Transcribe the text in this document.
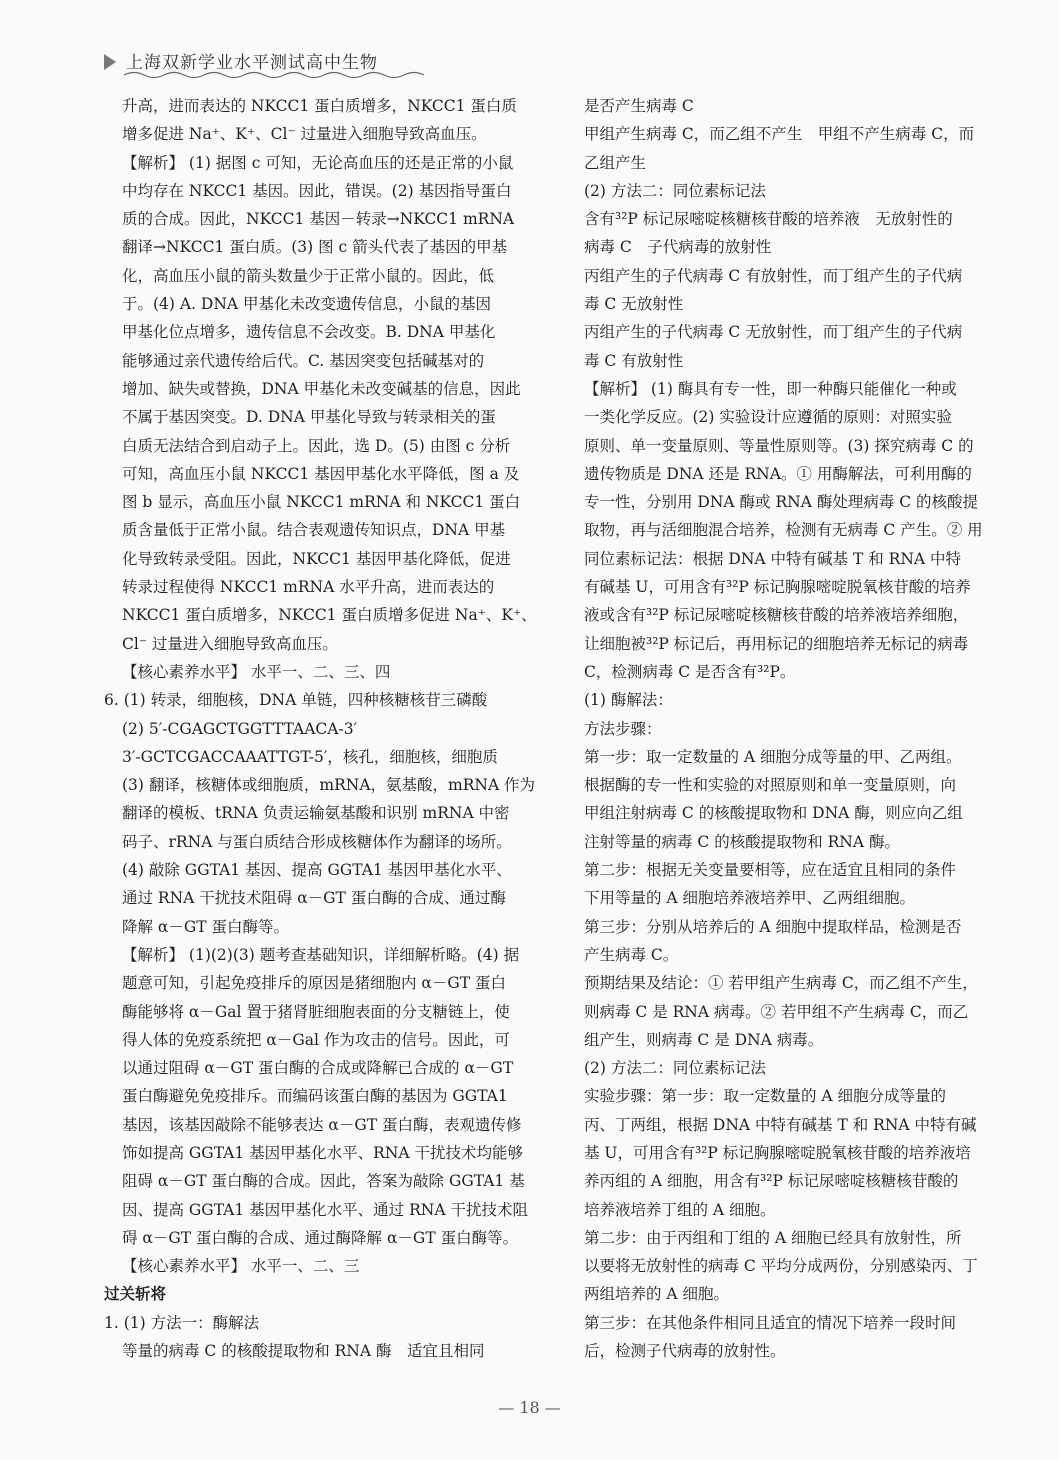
上海双新学业水平测试高中生物
升高，进而表达的 NKCC1 蛋白质增多，NKCC1 蛋白质
增多促进 Na⁺、K⁺、Cl⁻ 过量进入细胞导致高血压。
【解析】 (1) 据图 c 可知，无论高血压的还是正常的小鼠
中均存在 NKCC1 基因。因此，错误。(2) 基因指导蛋白
质的合成。因此，NKCC1 基因－转录→NKCC1 mRNA
翻译→NKCC1 蛋白质。(3) 图 c 箭头代表了基因的甲基
化，高血压小鼠的箭头数量少于正常小鼠的。因此，低
于。(4) A. DNA 甲基化未改变遗传信息，小鼠的基因
甲基化位点增多，遗传信息不会改变。B. DNA 甲基化
能够通过亲代遗传给后代。C. 基因突变包括碱基对的
增加、缺失或替换，DNA 甲基化未改变碱基的信息，因此
不属于基因突变。D. DNA 甲基化导致与转录相关的蛋
白质无法结合到启动子上。因此，选 D。(5) 由图 c 分析
可知，高血压小鼠 NKCC1 基因甲基化水平降低，图 a 及
图 b 显示，高血压小鼠 NKCC1 mRNA 和 NKCC1 蛋白
质含量低于正常小鼠。结合表观遗传知识点，DNA 甲基
化导致转录受阻。因此，NKCC1 基因甲基化降低，促进
转录过程使得 NKCC1 mRNA 水平升高，进而表达的
NKCC1 蛋白质增多，NKCC1 蛋白质增多促进 Na⁺、K⁺、
Cl⁻ 过量进入细胞导致高血压。
【核心素养水平】 水平一、二、三、四
6. (1) 转录，细胞核，DNA 单链，四种核糖核苷三磷酸
(2) 5′-CGAGCTGGTTTAACA-3′
3′-GCTCGACCAAATTGT-5′，核孔，细胞核，细胞质
(3) 翻译，核糖体或细胞质，mRNA，氨基酸，mRNA 作为
翻译的模板、tRNA 负责运输氨基酸和识别 mRNA 中密
码子、rRNA 与蛋白质结合形成核糖体作为翻译的场所。
(4) 敲除 GGTA1 基因、提高 GGTA1 基因甲基化水平、
通过 RNA 干扰技术阻碍 α－GT 蛋白酶的合成、通过酶
降解 α－GT 蛋白酶等。
【解析】 (1)(2)(3) 题考查基础知识，详细解析略。(4) 据
题意可知，引起免疫排斥的原因是猪细胞内 α－GT 蛋白
酶能够将 α－Gal 置于猪肾脏细胞表面的分支糖链上，使
得人体的免疫系统把 α－Gal 作为攻击的信号。因此，可
以通过阻碍 α－GT 蛋白酶的合成或降解已合成的 α－GT
蛋白酶避免免疫排斥。而编码该蛋白酶的基因为 GGTA1
基因，该基因敲除不能够表达 α－GT 蛋白酶，表观遗传修
饰如提高 GGTA1 基因甲基化水平、RNA 干扰技术均能够
阻碍 α－GT 蛋白酶的合成。因此，答案为敲除 GGTA1 基
因、提高 GGTA1 基因甲基化水平、通过 RNA 干扰技术阻
碍 α－GT 蛋白酶的合成、通过酶降解 α－GT 蛋白酶等。
【核心素养水平】 水平一、二、三
过关斩将
1. (1) 方法一：酶解法
等量的病毒 C 的核酸提取物和 RNA 酶　适宜且相同
是否产生病毒 C
甲组产生病毒 C，而乙组不产生　甲组不产生病毒 C，而
乙组产生
(2) 方法二：同位素标记法
含有³²P 标记尿嘧啶核糖核苷酸的培养液　无放射性的
病毒 C　子代病毒的放射性
丙组产生的子代病毒 C 有放射性，而丁组产生的子代病
毒 C 无放射性
丙组产生的子代病毒 C 无放射性，而丁组产生的子代病
毒 C 有放射性
【解析】 (1) 酶具有专一性，即一种酶只能催化一种或
一类化学反应。(2) 实验设计应遵循的原则：对照实验
原则、单一变量原则、等量性原则等。(3) 探究病毒 C 的
遗传物质是 DNA 还是 RNA。① 用酶解法，可利用酶的
专一性，分别用 DNA 酶或 RNA 酶处理病毒 C 的核酸提
取物，再与活细胞混合培养，检测有无病毒 C 产生。② 用
同位素标记法：根据 DNA 中特有碱基 T 和 RNA 中特
有碱基 U，可用含有³²P 标记胸腺嘧啶脱氧核苷酸的培养
液或含有³²P 标记尿嘧啶核糖核苷酸的培养液培养细胞，
让细胞被³²P 标记后，再用标记的细胞培养无标记的病毒
C，检测病毒 C 是否含有³²P。
(1) 酶解法：
方法步骤：
第一步：取一定数量的 A 细胞分成等量的甲、乙两组。
根据酶的专一性和实验的对照原则和单一变量原则，向
甲组注射病毒 C 的核酸提取物和 DNA 酶，则应向乙组
注射等量的病毒 C 的核酸提取物和 RNA 酶。
第二步：根据无关变量要相等，应在适宜且相同的条件
下用等量的 A 细胞培养液培养甲、乙两组细胞。
第三步：分别从培养后的 A 细胞中提取样品，检测是否
产生病毒 C。
预期结果及结论：① 若甲组产生病毒 C，而乙组不产生，
则病毒 C 是 RNA 病毒。② 若甲组不产生病毒 C，而乙
组产生，则病毒 C 是 DNA 病毒。
(2) 方法二：同位素标记法
实验步骤：第一步：取一定数量的 A 细胞分成等量的
丙、丁两组，根据 DNA 中特有碱基 T 和 RNA 中特有碱
基 U，可用含有³²P 标记胸腺嘧啶脱氧核苷酸的培养液培
养丙组的 A 细胞，用含有³²P 标记尿嘧啶核糖核苷酸的
培养液培养丁组的 A 细胞。
第二步：由于丙组和丁组的 A 细胞已经具有放射性，所
以要将无放射性的病毒 C 平均分成两份，分别感染丙、丁
两组培养的 A 细胞。
第三步：在其他条件相同且适宜的情况下培养一段时间
后，检测子代病毒的放射性。
— 18 —
